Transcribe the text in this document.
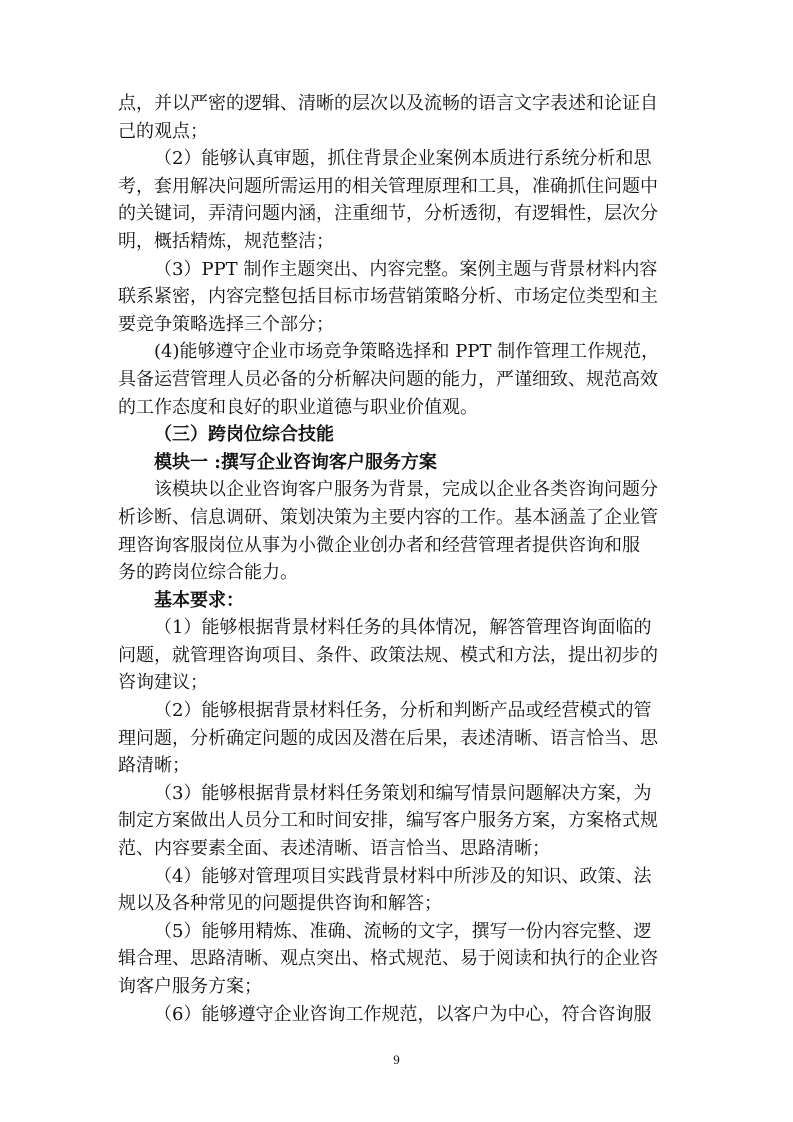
点，并以严密的逻辑、清晰的层次以及流畅的语言文字表述和论证自

己的观点；

（2）能够认真审题，抓住背景企业案例本质进行系统分析和思

考，套用解决问题所需运用的相关管理原理和工具，准确抓住问题中

的关键词，弄清问题内涵，注重细节，分析透彻，有逻辑性，层次分

明，概括精炼，规范整洁；

（3）PPT 制作主题突出、内容完整。案例主题与背景材料内容

联系紧密，内容完整包括目标市场营销策略分析、市场定位类型和主

要竞争策略选择三个部分；

(4)能够遵守企业市场竞争策略选择和 PPT 制作管理工作规范，

具备运营管理人员必备的分析解决问题的能力，严谨细致、规范高效

的工作态度和良好的职业道德与职业价值观。

（三）跨岗位综合技能

模块一 :撰写企业咨询客户服务方案

该模块以企业咨询客户服务为背景，完成以企业各类咨询问题分

析诊断、信息调研、策划决策为主要内容的工作。基本涵盖了企业管

理咨询客服岗位从事为小微企业创办者和经营管理者提供咨询和服

务的跨岗位综合能力。

基本要求：

（1）能够根据背景材料任务的具体情况，解答管理咨询面临的

问题，就管理咨询项目、条件、政策法规、模式和方法，提出初步的

咨询建议；

（2）能够根据背景材料任务，分析和判断产品或经营模式的管

理问题，分析确定问题的成因及潜在后果，表述清晰、语言恰当、思

路清晰；

（3）能够根据背景材料任务策划和编写情景问题解决方案，为

制定方案做出人员分工和时间安排，编写客户服务方案，方案格式规

范、内容要素全面、表述清晰、语言恰当、思路清晰；

（4）能够对管理项目实践背景材料中所涉及的知识、政策、法

规以及各种常见的问题提供咨询和解答；

（5）能够用精炼、准确、流畅的文字，撰写一份内容完整、逻

辑合理、思路清晰、观点突出、格式规范、易于阅读和执行的企业咨

询客户服务方案；

（6）能够遵守企业咨询工作规范，以客户为中心，符合咨询服

9
